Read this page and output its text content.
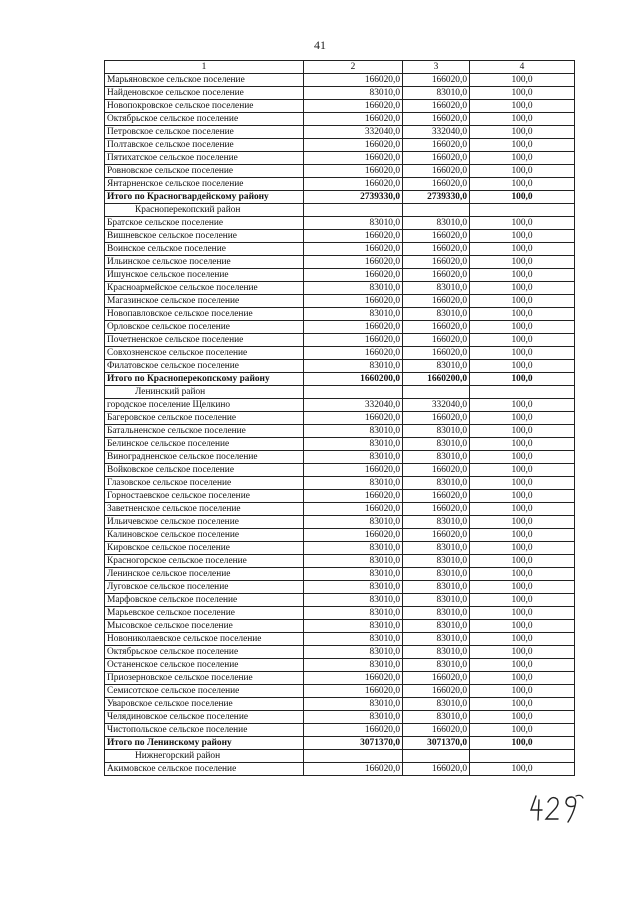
41
1	2	3	4
Марьяновское сельское поселение	166020,0	166020,0	100,0
Найденовское сельское поселение	83010,0	83010,0	100,0
Новопокровское сельское поселение	166020,0	166020,0	100,0
Октябрьское сельское поселение	166020,0	166020,0	100,0
Петровское сельское поселение	332040,0	332040,0	100,0
Полтавское сельское поселение	166020,0	166020,0	100,0
Пятихатское сельское поселение	166020,0	166020,0	100,0
Ровновское сельское поселение	166020,0	166020,0	100,0
Янтарненское сельское поселение	166020,0	166020,0	100,0
Итого по Красногвардейскому району	2739330,0	2739330,0	100,0
Красноперекопский район			
Братское сельское поселение	83010,0	83010,0	100,0
Вишневское сельское поселение	166020,0	166020,0	100,0
Воинское сельское поселение	166020,0	166020,0	100,0
Ильинское сельское поселение	166020,0	166020,0	100,0
Ишунское сельское поселение	166020,0	166020,0	100,0
Красноармейское сельское поселение	83010,0	83010,0	100,0
Магазинское сельское поселение	166020,0	166020,0	100,0
Новопавловское сельское поселение	83010,0	83010,0	100,0
Орловское сельское поселение	166020,0	166020,0	100,0
Почетненское сельское поселение	166020,0	166020,0	100,0
Совхозненское сельское поселение	166020,0	166020,0	100,0
Филатовское сельское поселение	83010,0	83010,0	100,0
Итого по Красноперекопскому району	1660200,0	1660200,0	100,0
Ленинский район			
городское поселение Щелкино	332040,0	332040,0	100,0
Багеровское сельское поселение	166020,0	166020,0	100,0
Батальненское сельское поселение	83010,0	83010,0	100,0
Белинское сельское поселение	83010,0	83010,0	100,0
Виноградненское сельское поселение	83010,0	83010,0	100,0
Войковское сельское поселение	166020,0	166020,0	100,0
Глазовское сельское поселение	83010,0	83010,0	100,0
Горностаевское сельское поселение	166020,0	166020,0	100,0
Заветненское сельское поселение	166020,0	166020,0	100,0
Ильичевское сельское поселение	83010,0	83010,0	100,0
Калиновское сельское поселение	166020,0	166020,0	100,0
Кировское сельское поселение	83010,0	83010,0	100,0
Красногорское сельское поселение	83010,0	83010,0	100,0
Ленинское сельское поселение	83010,0	83010,0	100,0
Луговское сельское поселение	83010,0	83010,0	100,0
Марфовское сельское поселение	83010,0	83010,0	100,0
Марьевское сельское поселение	83010,0	83010,0	100,0
Мысовское сельское поселение	83010,0	83010,0	100,0
Новониколаевское сельское поселение	83010,0	83010,0	100,0
Октябрьское сельское поселение	83010,0	83010,0	100,0
Останенское сельское поселение	83010,0	83010,0	100,0
Приозерновское сельское поселение	166020,0	166020,0	100,0
Семисотское сельское поселение	166020,0	166020,0	100,0
Уваровское сельское поселение	83010,0	83010,0	100,0
Челядиновское сельское поселение	83010,0	83010,0	100,0
Чистопольское сельское поселение	166020,0	166020,0	100,0
Итого по Ленинскому району	3071370,0	3071370,0	100,0
Нижнегорский район			
Акимовское сельское поселение	166020,0	166020,0	100,0
